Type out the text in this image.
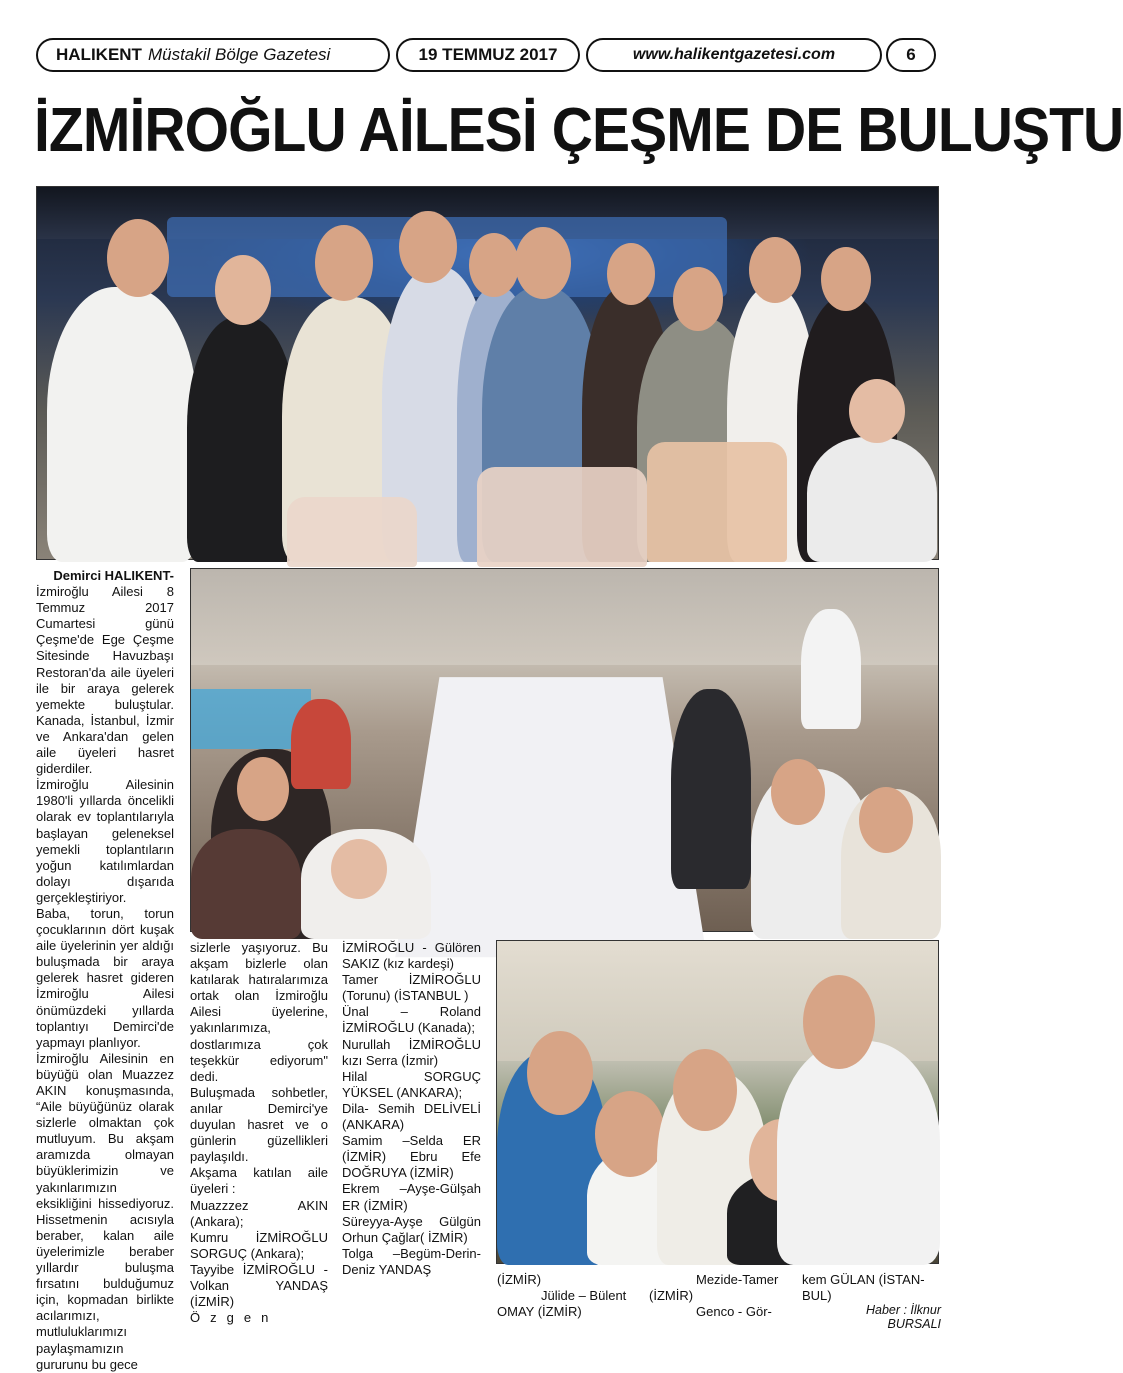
HALIKENT Müstakil Bölge Gazetesi	19 TEMMUZ 2017	www.halikentgazetesi.com	6
İZMİROĞLU AİLESİ ÇEŞME DE BULUŞTU

Demirci HALIKENT-

İzmiroğlu Ailesi 8 Temmuz 2017 Cumartesi günü Çeşme'de Ege Çeşme Sitesinde Havuzbaşı Restoran'da aile üyeleri ile bir araya gelerek yemekte buluştular. Kanada, İstanbul, İzmir ve Ankara'dan gelen aile üyeleri hasret giderdiler.

İzmiroğlu Ailesinin 1980'li yıllarda öncelikli olarak ev toplantılarıyla başlayan geleneksel yemekli toplantıların yoğun katılımlardan dolayı dışarıda gerçekleştiriyor.

Baba, torun, torun çocuklarının dört kuşak aile üyelerinin yer aldığı buluşmada bir araya gelerek hasret gideren İzmiroğlu Ailesi önümüzdeki yıllarda toplantıyı Demirci'de yapmayı planlıyor.

İzmiroğlu Ailesinin en büyüğü olan Muazzez AKIN konuşmasında, “Aile büyüğünüz olarak sizlerle olmaktan çok mutluyum. Bu akşam aramızda olmayan büyüklerimizin ve yakınlarımızın eksikliğini hissediyoruz. Hissetmenin acısıyla beraber, kalan aile üyelerimizle beraber yıllardır buluşma fırsatını bulduğumuz için, kopmadan birlikte acılarımızı, mutluluklarımızı paylaşmamızın gururunu bu gece

sizlerle yaşıyoruz. Bu akşam bizlerle olan katılarak hatıralarımıza ortak olan İzmiroğlu Ailesi üyelerine, yakınlarımıza, dostlarımıza çok teşekkür ediyorum" dedi.

Buluşmada sohbetler, anılar Demirci'ye duyulan hasret ve o günlerin güzellikleri paylaşıldı.

Akşama katılan aile üyeleri :

Muazzzez AKIN (Ankara);

Kumru İZMİROĞLU SORGUÇ (Ankara);

Tayyibe İZMİROĞLU - Volkan YANDAŞ (İZMİR)

Özgen

İZMİROĞLU - Gülören SAKIZ (kız kardeşi)

Tamer İZMİROĞLU (Torunu) (İSTANBUL )

Ünal – Roland İZMİROĞLU (Kanada);

Nurullah İZMİROĞLU kızı Serra (İzmir)

Hilal SORGUÇ YÜKSEL (ANKARA);

Dila- Semih DELİVELİ (ANKARA)

Samim –Selda ER (İZMİR) Ebru Efe DOĞRUYA (İZMİR)

Ekrem –Ayşe-Gülşah ER (İZMİR)

Süreyya-Ayşe Gülgün Orhun Çağlar( İZMİR)

Tolga –Begüm-Derin-Deniz YANDAŞ

(İZMİR)
Jülide – Bülent
OMAY (İZMİR)
Mezide-Tamer
(İZMİR)
Genco - Gör-
kem GÜLAN (İSTAN-
BUL)
Haber : İlknur BURSALI
